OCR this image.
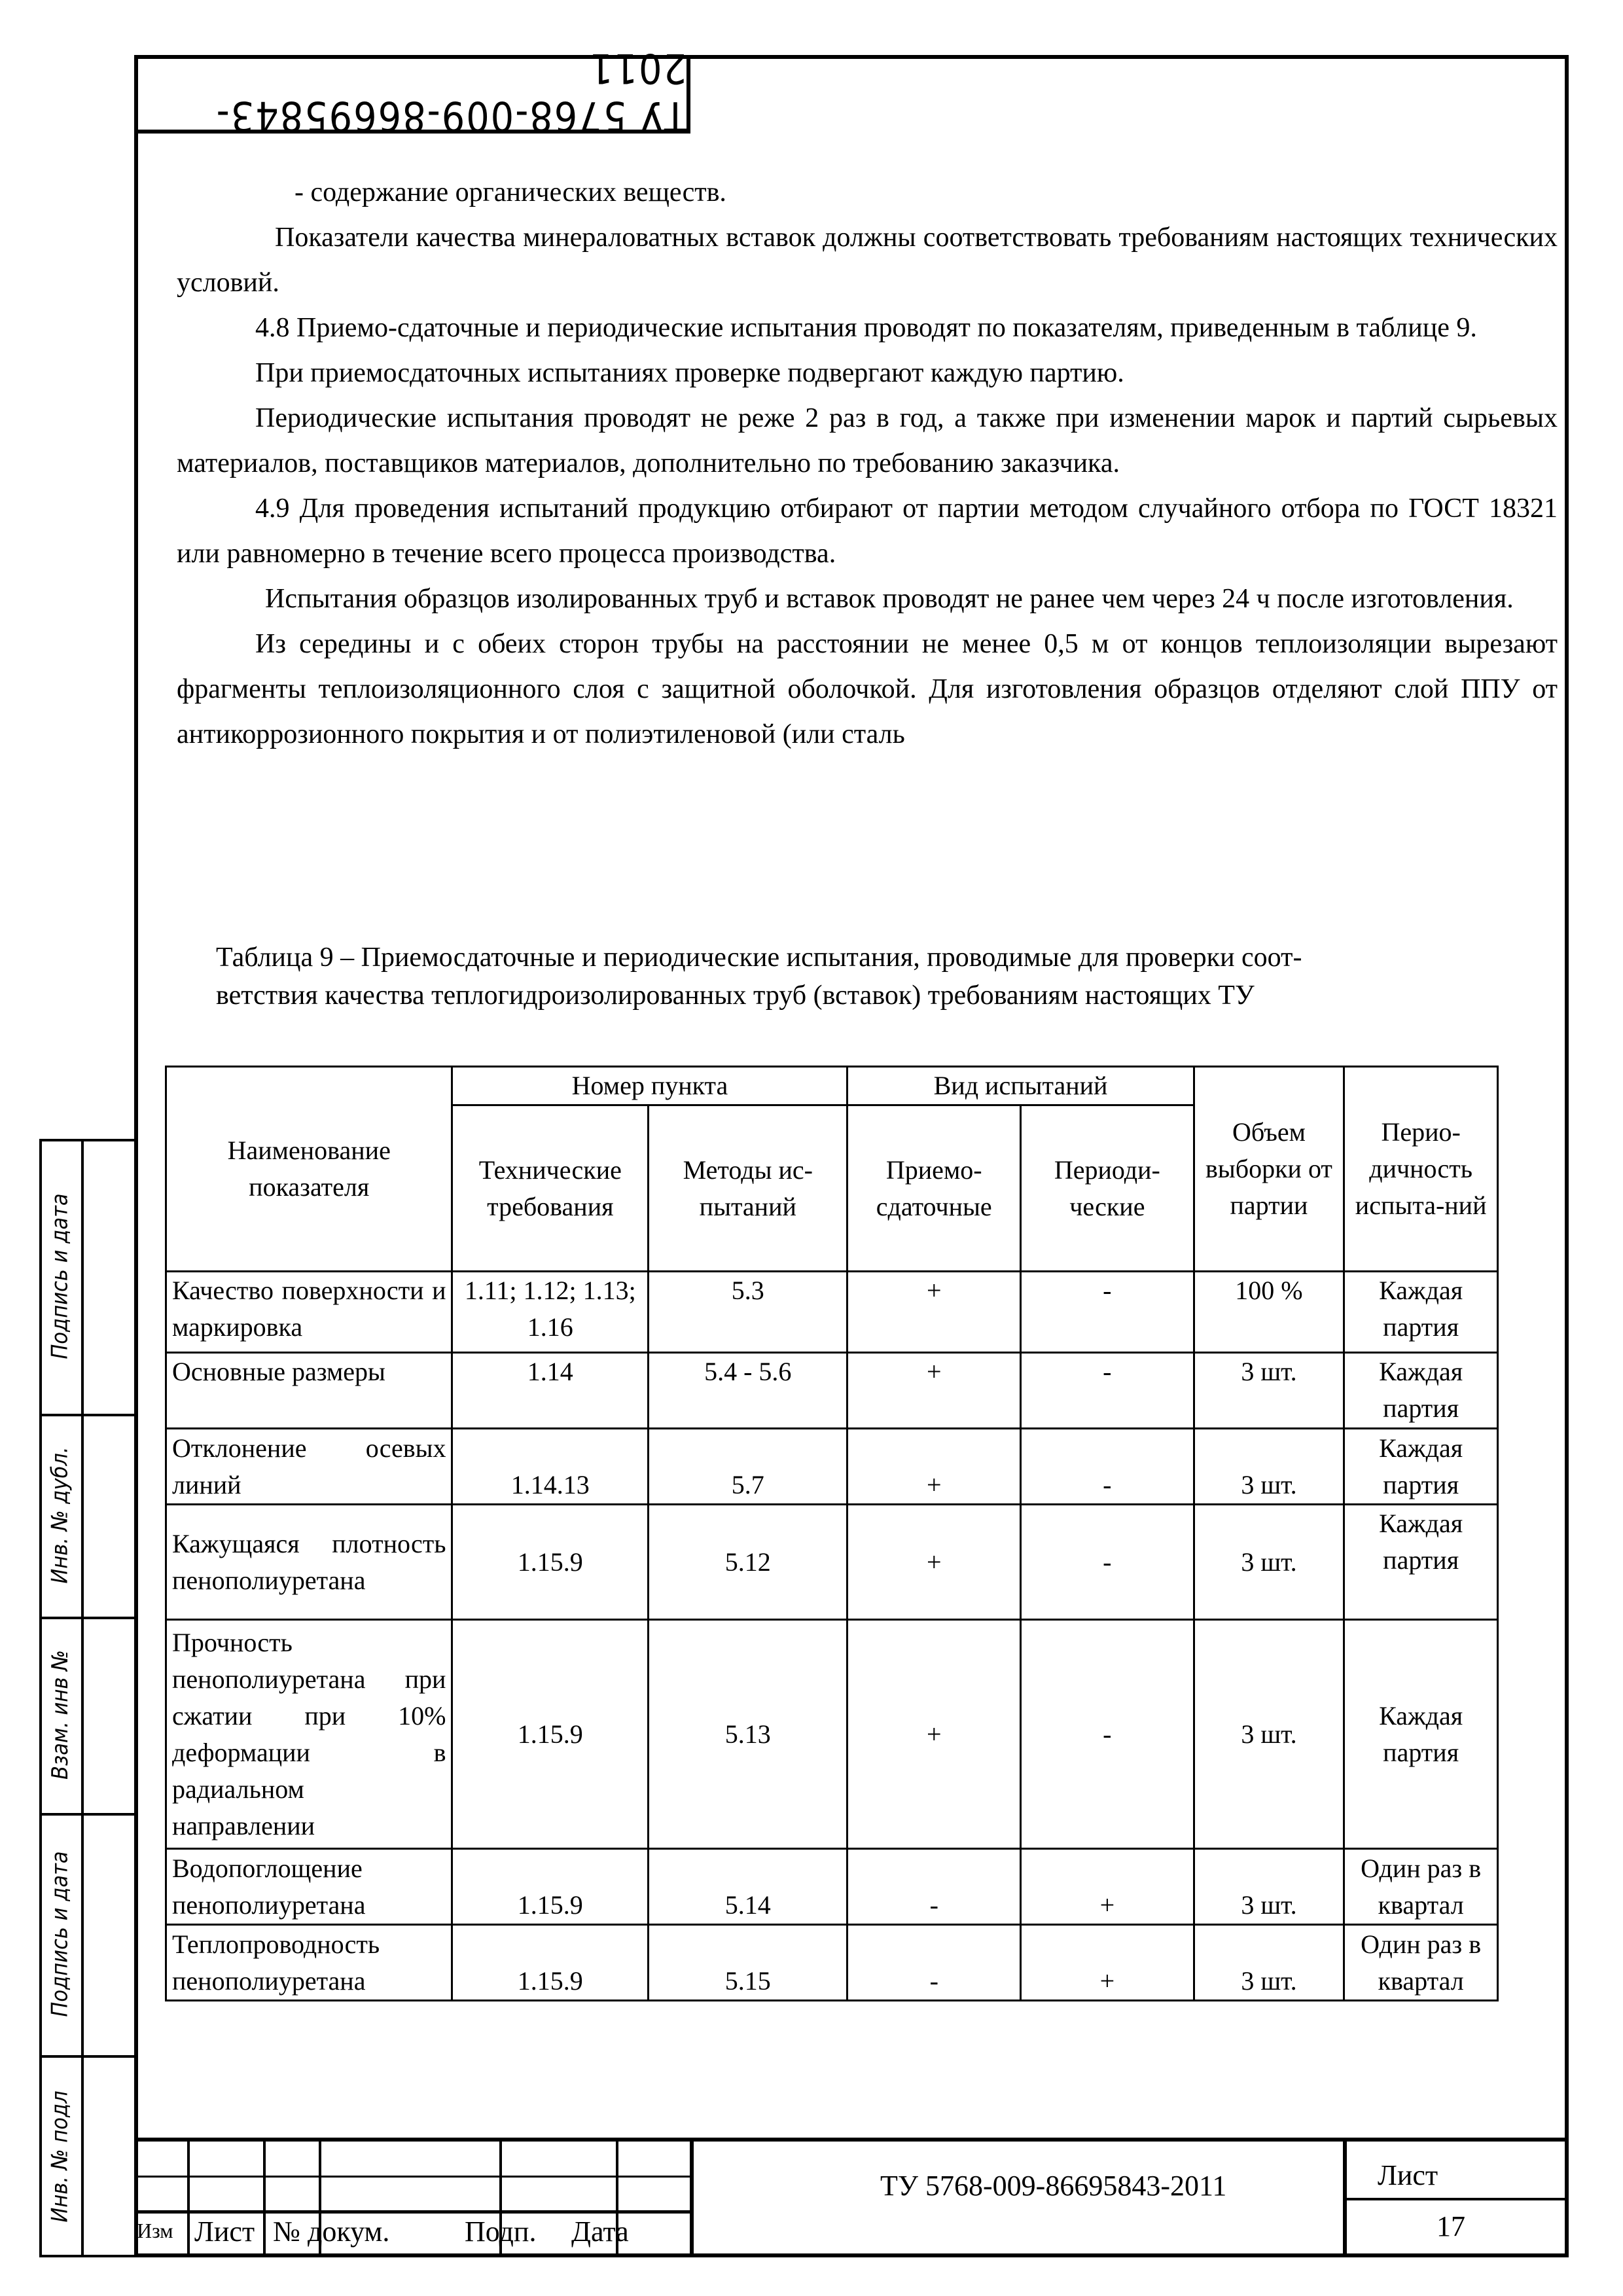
ТУ 5768-009-86695843-2011
Подпись и дата
Инв. № дубл.
Взам. инв №
Подпись и дата
Инв. № подл

- содержание органических веществ.

Показатели качества минераловатных вставок должны соответствовать требованиям настоящих технических условий.

4.8 Приемо-сдаточные и периодические испытания проводят по показателям, приведенным в таблице 9.

При приемосдаточных испытаниях проверке подвергают каждую партию.

Периодические испытания проводят не реже 2 раз в год, а также при изменении марок и партий сырьевых материалов, поставщиков материалов, дополнительно по требованию заказчика.

4.9 Для проведения испытаний продукцию отбирают от партии методом случайного отбора по ГОСТ 18321 или равномерно в течение всего процесса производства.

Испытания образцов изолированных труб и вставок проводят не ранее чем через 24 ч после изготовления.

Из середины и с обеих сторон трубы на расстоянии не менее 0,5 м от концов теплоизоляции вырезают фрагменты теплоизоляционного слоя с защитной оболочкой. Для изготовления образцов отделяют слой ППУ от антикоррозионного покрытия и от полиэтиленовой (или сталь

Таблица 9 – Приемосдаточные и периодические испытания, проводимые для проверки соот-

ветствия качества теплогидроизолированных труб (вставок) требованиям настоящих ТУ

Наименование показателя	Номер пункта		Вид испытаний		Объем выборки от партии	Перио-дичность испыта-ний
	Технические требования	Методы ис-пытаний	Приемо-сдаточные	Периоди-ческие		
Качество поверхности и маркировка	1.11; 1.12; 1.13; 1.16	5.3	+	-	100 %	Каждая партия
Основные размеры	1.14	5.4 - 5.6	+	-	3 шт.	Каждая партия
Отклонение осевых линий	1.14.13	5.7	+	-	3 шт.	Каждая партия
Кажущаяся плотность пенополиуретана	1.15.9	5.12	+	-	3 шт.	Каждая партия
Прочность пенополиуретана при сжатии при 10% деформации в радиальном направлении	1.15.9	5.13	+	-	3 шт.	Каждая партия
Водопоглощение пенополиуретана	1.15.9	5.14	-	+	3 шт.	Один раз в квартал
Теплопроводность пенополиуретана	1.15.9	5.15	-	+	3 шт.	Один раз в квартал
Изм Лист № докум.	Подп. Дата
ТУ 5768-009-86695843-2011	Лист
17
